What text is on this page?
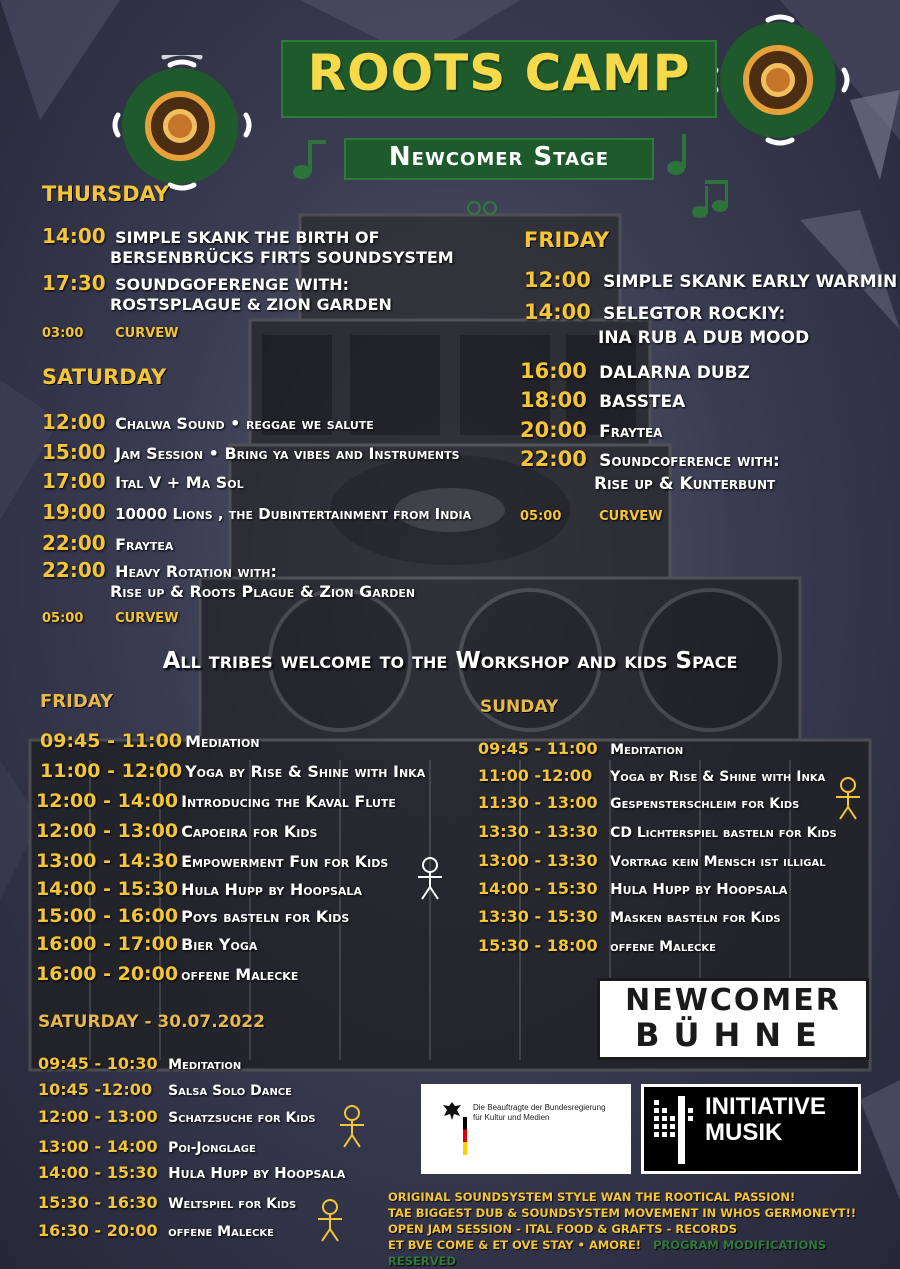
ROOTS CAMP
Newcomer Stage
THURSDAY
14:00 SIMPLE SKANK THE BIRTH OF
BERSENBRÜCKS FIRTS SOUNDSYSTEM
17:30 SOUNDGOFERENGE WITH:
ROSTSPLAGUE & ZION GARDEN
03:00 CURVEW
SATURDAY
12:00 Chalwa Sound • reggae we salute
15:00 Jam Session • Bring ya vibes and Instruments
17:00 Ital V + Ma Sol
19:00 10000 Lions , the Dubintertainment from India
22:00 Fraytea
22:00 Heavy Rotation with:
Rise up & Roots Plague & Zion Garden
05:00 CURVEW
FRIDAY
12:00 SIMPLE SKANK EARLY WARMIN
14:00 SELEGTOR ROCKIY:
INA RUB A DUB MOOD
16:00 DALARNA DUBZ
18:00 BASSTEA
20:00 Fraytea
22:00 Soundcoference with:
Rise up & Kunterbunt
05:00	CURVEW
All tribes welcome to the Workshop and kids Space
FRIDAY
09:45 - 11:00 Mediation
11:00 - 12:00 Yoga by Rise & Shine with Inka
12:00 - 14:00 Introducing the Kaval Flute
12:00 - 13:00 Capoeira for Kids
13:00 - 14:30 Empowerment Fun for Kids
14:00 - 15:30 Hula Hupp by Hoopsala
15:00 - 16:00 Poys basteln for Kids
16:00 - 17:00 Bier Yoga
16:00 - 20:00 offene Malecke
SUNDAY
09:45 - 11:00 Meditation
11:00 -12:00 Yoga by Rise & Shine with Inka
11:30 - 13:00 Gespensterschleim for Kids
13:30 - 13:30 CD Lichterspiel basteln for Kids
13:00 - 13:30 Vortrag kein Mensch ist illigal
14:00 - 15:30 Hula Hupp by Hoopsala
13:30 - 15:30 Masken basteln for Kids
15:30 - 18:00 offene Malecke
SATURDAY - 30.07.2022
09:45 - 10:30 Meditation
10:45 -12:00 Salsa Solo Dance
12:00 - 13:00 Schatzsuche for Kids
13:00 - 14:00 Poi-Jonglage
14:00 - 15:30 Hula Hupp by Hoopsala
15:30 - 16:30 Weltspiel for Kids
16:30 - 20:00 offene Malecke
NEWCOMER
BÜHNE
Die Beauftragte der Bundesregierung
für Kultur und Medien	INITIATIVE
MUSIK
ORIGINAL SOUNDSYSTEM STYLE WAN THE ROOTICAL PASSION!
TAE BIGGEST DUB & SOUNDSYSTEM MOVEMENT IN WHOS GERMONEYT!!
OPEN JAM SESSION - ITAL FOOD & GRAFTS - RECORDS
ET BVE COME & ET OVE STAY • AMORE! PROGRAM MODIFICATIONS RESERVED
